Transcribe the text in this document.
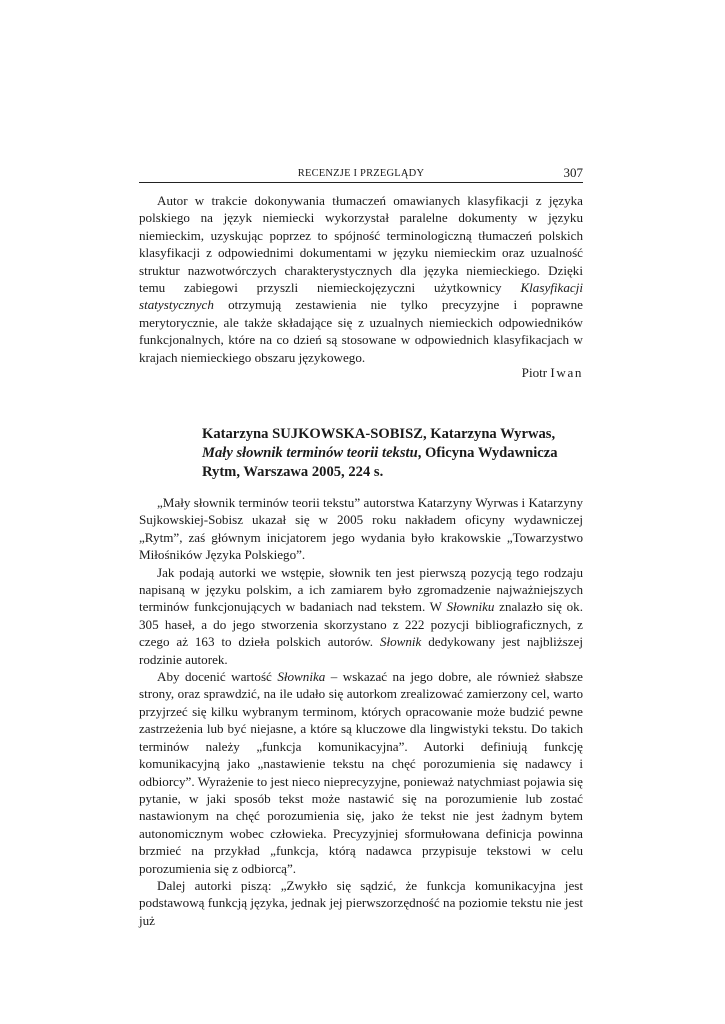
RECENZJE I PRZEGLĄDY	307

Autor w trakcie dokonywania tłumaczeń omawianych klasyfikacji z języka polskiego na język niemiecki wykorzystał paralelne dokumenty w języku niemieckim, uzyskując poprzez to spójność terminologiczną tłumaczeń polskich klasyfikacji z odpowiednimi dokumentami w języku niemieckim oraz uzualność struktur nazwotwórczych charakterystycznych dla języka niemieckiego. Dzięki temu zabiegowi przyszli niemieckojęzyczni użytkownicy Klasyfikacji statystycznych otrzymują zestawienia nie tylko precyzyjne i poprawne merytorycznie, ale także składające się z uzualnych niemieckich odpowiedników funkcjonalnych, które na co dzień są stosowane w odpowiednich klasyfikacjach w krajach niemieckiego obszaru językowego.

Piotr Iwan

Katarzyna SUJKOWSKA-SOBISZ, Katarzyna Wyrwas,
Mały słownik terminów teorii tekstu, Oficyna Wydawnicza Rytm, Warszawa 2005, 224 s.

„Mały słownik terminów teorii tekstu” autorstwa Katarzyny Wyrwas i Katarzyny Sujkowskiej-Sobisz ukazał się w 2005 roku nakładem oficyny wydawniczej „Rytm”, zaś głównym inicjatorem jego wydania było krakowskie „Towarzystwo Miłośników Języka Polskiego”.

Jak podają autorki we wstępie, słownik ten jest pierwszą pozycją tego rodzaju napisaną w języku polskim, a ich zamiarem było zgromadzenie najważniejszych terminów funkcjonujących w badaniach nad tekstem. W Słowniku znalazło się ok. 305 haseł, a do jego stworzenia skorzystano z 222 pozycji bibliograficznych, z czego aż 163 to dzieła polskich autorów. Słownik dedykowany jest najbliższej rodzinie autorek.

Aby docenić wartość Słownika – wskazać na jego dobre, ale również słabsze strony, oraz sprawdzić, na ile udało się autorkom zrealizować zamierzony cel, warto przyjrzeć się kilku wybranym terminom, których opracowanie może budzić pewne zastrzeżenia lub być niejasne, a które są kluczowe dla lingwistyki tekstu. Do takich terminów należy „funkcja komunikacyjna”. Autorki definiują funkcję komunikacyjną jako „nastawienie tekstu na chęć porozumienia się nadawcy i odbiorcy”. Wyrażenie to jest nieco nieprecyzyjne, ponieważ natychmiast pojawia się pytanie, w jaki sposób tekst może nastawić się na porozumienie lub zostać nastawionym na chęć porozumienia się, jako że tekst nie jest żadnym bytem autonomicznym wobec człowieka. Precyzyjniej sformułowana definicja powinna brzmieć na przykład „funkcja, którą nadawca przypisuje tekstowi w celu porozumienia się z odbiorcą”.

Dalej autorki piszą: „Zwykło się sądzić, że funkcja komunikacyjna jest podstawową funkcją języka, jednak jej pierwszorzędność na poziomie tekstu nie jest już
